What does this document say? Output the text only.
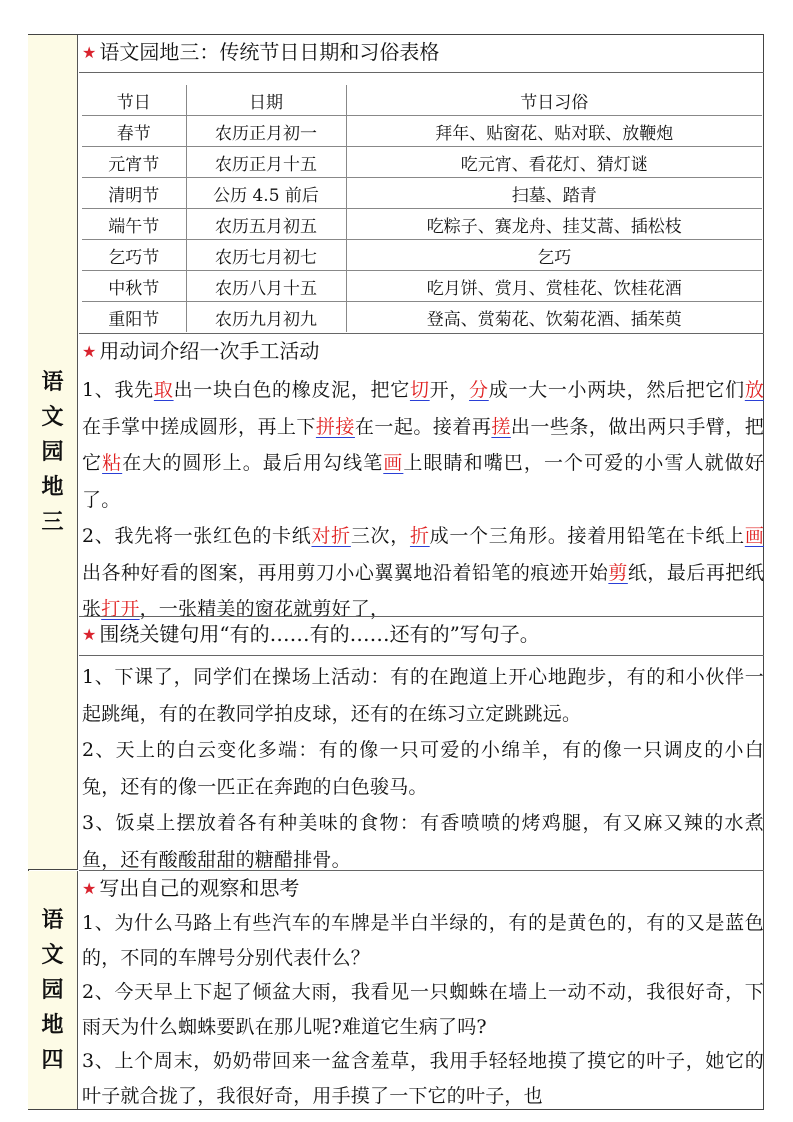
语文园地三
语文园地四
★ 语文园地三：传统节日日期和习俗表格
节日	日期	节日习俗
春节	农历正月初一	拜年、贴窗花、贴对联、放鞭炮
元宵节	农历正月十五	吃元宵、看花灯、猜灯谜
清明节	公历 4.5 前后	扫墓、踏青
端午节	农历五月初五	吃粽子、赛龙舟、挂艾蒿、插松枝
乞巧节	农历七月初七	乞巧
中秋节	农历八月十五	吃月饼、赏月、赏桂花、饮桂花酒
重阳节	农历九月初九	登高、赏菊花、饮菊花酒、插茱萸
★ 用动词介绍一次手工活动

1、我先取出一块白色的橡皮泥，把它切开，分成一大一小两块，然后把它们放在手掌中搓成圆形，再上下拼接在一起。接着再搓出一些条，做出两只手臂，把它粘在大的圆形上。最后用勾线笔画上眼睛和嘴巴，一个可爱的小雪人就做好了。

2、我先将一张红色的卡纸对折三次，折成一个三角形。接着用铅笔在卡纸上画出各种好看的图案，再用剪刀小心翼翼地沿着铅笔的痕迹开始剪纸，最后再把纸张打开，一张精美的窗花就剪好了，

★ 围绕关键句用“有的……有的……还有的”写句子。

1、下课了，同学们在操场上活动：有的在跑道上开心地跑步，有的和小伙伴一起跳绳，有的在教同学拍皮球，还有的在练习立定跳跳远。

2、天上的白云变化多端：有的像一只可爱的小绵羊，有的像一只调皮的小白兔，还有的像一匹正在奔跑的白色骏马。

3、饭桌上摆放着各有种美味的食物：有香喷喷的烤鸡腿，有又麻又辣的水煮鱼，还有酸酸甜甜的糖醋排骨。

★ 写出自己的观察和思考

1、为什么马路上有些汽车的车牌是半白半绿的，有的是黄色的，有的又是蓝色的，不同的车牌号分别代表什么？

2、今天早上下起了倾盆大雨，我看见一只蜘蛛在墙上一动不动，我很好奇，下雨天为什么蜘蛛要趴在那儿呢?难道它生病了吗?

3、上个周末，奶奶带回来一盆含羞草，我用手轻轻地摸了摸它的叶子，她它的叶子就合拢了，我很好奇，用手摸了一下它的叶子，也
